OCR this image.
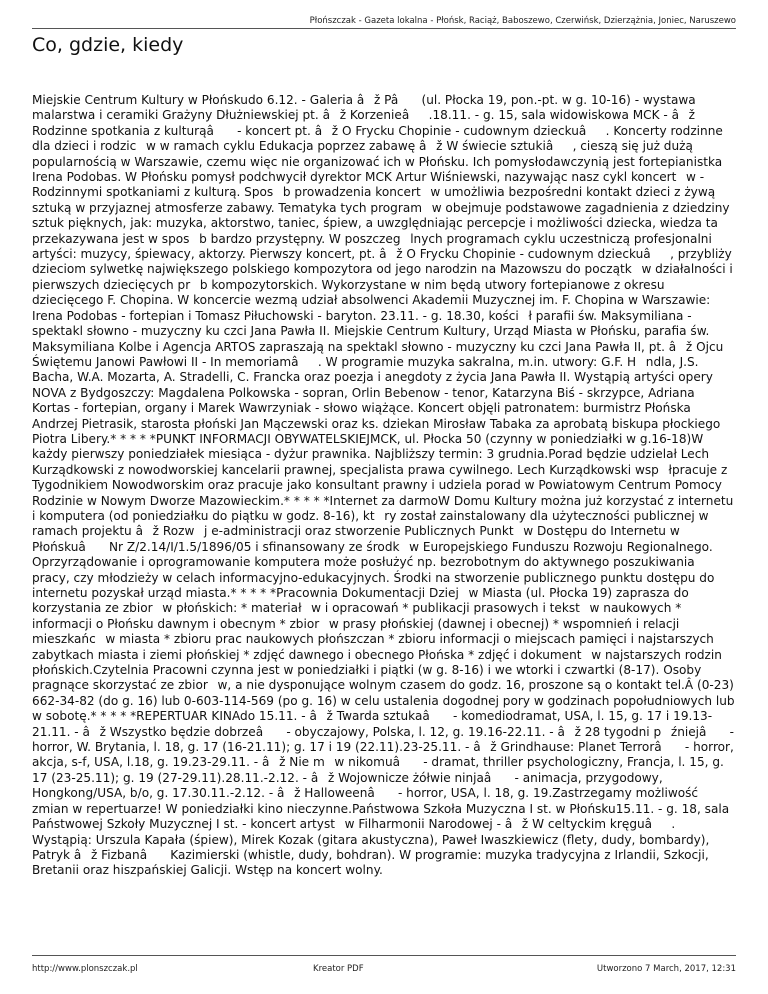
Płońszczak - Gazeta lokalna - Płońsk, Raciąż, Baboszewo, Czerwińsk, Dzierzążnia, Joniec, Naruszewo
Co, gdzie, kiedy
Miejskie Centrum Kultury w Płońskudo 6.12. - Galeria âž Pâ (ul. Płocka 19, pon.-pt. w g. 10-16) - wystawa malarstwa i ceramiki Grażyny Dłużniewskiej pt. âž Korzenieâ.18.11. - g. 15, sala widowiskowa MCK - âž Rodzinne spotkania z kulturąâ - koncert pt. âž O Frycku Chopinie - cudownym dzieckuâ. Koncerty rodzinne dla dzieci i rodzicw w ramach cyklu Edukacja poprzez zabawę âž W świecie sztukiâ, cieszą się już dużą popularnością w Warszawie, czemu więc nie organizować ich w Płońsku. Ich pomysłodawczynią jest fortepianistka Irena Podobas. W Płońsku pomysł podchwycił dyrektor MCK Artur Wiśniewski, nazywając nasz cykl koncertw - Rodzinnymi spotkaniami z kulturą. Sposb prowadzenia koncertw umożliwia bezpośredni kontakt dzieci z żywą sztuką w przyjaznej atmosferze zabawy. Tematyka tych programw obejmuje podstawowe zagadnienia z dziedziny sztuk pięknych, jak: muzyka, aktorstwo, taniec, śpiew, a uwzględniając percepcje i możliwości dziecka, wiedza ta przekazywana jest w sposb bardzo przystępny. W poszczeglnych programach cyklu uczestniczą profesjonalni artyści: muzycy, śpiewacy, aktorzy. Pierwszy koncert, pt. âž O Frycku Chopinie - cudownym dzieckuâ, przybliży dzieciom sylwetkę największego polskiego kompozytora od jego narodzin na Mazowszu do początkw działalności i pierwszych dziecięcych prb kompozytorskich. Wykorzystane w nim będą utwory fortepianowe z okresu dziecięcego F. Chopina. W koncercie wezmą udział absolwenci Akademii Muzycznej im. F. Chopina w Warszawie: Irena Podobas - fortepian i Tomasz Piłuchowski - baryton. 23.11. - g. 18.30, kościł parafii św. Maksymiliana - spektakl słowno - muzyczny ku czci Jana Pawła II. Miejskie Centrum Kultury, Urząd Miasta w Płońsku, parafia św. Maksymiliana Kolbe i Agencja ARTOS zapraszają na spektakl słowno - muzyczny ku czci Jana Pawła II, pt. âž Ojcu Świętemu Janowi Pawłowi II - In memoriamâ. W programie muzyka sakralna, m.in. utwory: G.F. Hndla, J.S. Bacha, W.A. Mozarta, A. Stradelli, C. Francka oraz poezja i anegdoty z życia Jana Pawła II. Wystąpią artyści opery NOVA z Bydgoszczy: Magdalena Polkowska - sopran, Orlin Bebenow - tenor, Katarzyna Biś - skrzypce, Adriana Kortas - fortepian, organy i Marek Wawrzyniak - słowo wiążące. Koncert objęli patronatem: burmistrz Płońska Andrzej Pietrasik, starosta płoński Jan Mączewski oraz ks. dziekan Mirosław Tabaka za aprobatą biskupa płockiego Piotra Libery.* * * * *PUNKT INFORMACJI OBYWATELSKIEJMCK, ul. Płocka 50 (czynny w poniedziałki w g.16-18)W każdy pierwszy poniedziałek miesiąca - dyżur prawnika. Najbliższy termin: 3 grudnia.Porad będzie udzielał Lech Kurządkowski z nowodworskiej kancelarii prawnej, specjalista prawa cywilnego. Lech Kurządkowski wspłpracuje z Tygodnikiem Nowodworskim oraz pracuje jako konsultant prawny i udziela porad w Powiatowym Centrum Pomocy Rodzinie w Nowym Dworze Mazowieckim.* * * * *Internet za darmoW Domu Kultury można już korzystać z internetu i komputera (od poniedziałku do piątku w godz. 8-16), ktry został zainstalowany dla użyteczności publicznej w ramach projektu âž Rozwj e-administracji oraz stworzenie Publicznych Punktw Dostępu do Internetu w Płońskuâ Nr Z/2.14/I/1.5/1896/05 i sfinansowany ze środkw Europejskiego Funduszu Rozwoju Regionalnego. Oprzyrządowanie i oprogramowanie komputera może posłużyć np. bezrobotnym do aktywnego poszukiwania pracy, czy młodzieży w celach informacyjno-edukacyjnych. Środki na stworzenie publicznego punktu dostępu do internetu pozyskał urząd miasta.* * * * *Pracownia Dokumentacji Dziejw Miasta (ul. Płocka 19) zaprasza do korzystania ze zbiorw płońskich: * materiałw i opracowań * publikacji prasowych i tekstw naukowych * informacji o Płońsku dawnym i obecnym * zbiorw prasy płońskiej (dawnej i obecnej) * wspomnień i relacji mieszkańcw miasta * zbioru prac naukowych płońszczan * zbioru informacji o miejscach pamięci i najstarszych zabytkach miasta i ziemi płońskiej * zdjęć dawnego i obecnego Płońska * zdjęć i dokumentw najstarszych rodzin płońskich.Czytelnia Pracowni czynna jest w poniedziałki i piątki (w g. 8-16) i we wtorki i czwartki (8-17). Osoby pragnące skorzystać ze zbiorw, a nie dysponujące wolnym czasem do godz. 16, proszone są o kontakt tel.Â (0-23) 662-34-82 (do g. 16) lub 0-603-114-569 (po g. 16) w celu ustalenia dogodnej pory w godzinach popołudniowych lub w sobotę.* * * * *REPERTUAR KINAdo 15.11. - âž Twarda sztukaâ - komediodramat, USA, l. 15, g. 17 i 19.13-21.11. - âž Wszystko będzie dobrzeâ - obyczajowy, Polska, l. 12, g. 19.16-22.11. - âž 28 tygodni pźniejâ - horror, W. Brytania, l. 18, g. 17 (16-21.11); g. 17 i 19 (22.11).23-25.11. - âž Grindhause: Planet Terrorâ - horror, akcja, s-f, USA, l.18, g. 19.23-29.11. - âž Nie mw nikomuâ - dramat, thriller psychologiczny, Francja, l. 15, g. 17 (23-25.11); g. 19 (27-29.11).28.11.-2.12. - âž Wojownicze żółwie ninjaâ - animacja, przygodowy, Hongkong/USA, b/o, g. 17.30.11.-2.12. - âž Halloweenâ - horror, USA, l. 18, g. 19.Zastrzegamy możliwość zmian w repertuarze! W poniedziałki kino nieczynne.Państwowa Szkoła Muzyczna I st. w Płońsku15.11. - g. 18, sala Państwowej Szkoły Muzycznej I st. - koncert artystw Filharmonii Narodowej - âž W celtyckim kręguâ. Wystąpią: Urszula Kapała (śpiew), Mirek Kozak (gitara akustyczna), Paweł Iwaszkiewicz (flety, dudy, bombardy), Patryk âž Fizbanâ Kazimierski (whistle, dudy, bohdran). W programie: muzyka tradycyjna z Irlandii, Szkocji, Bretanii oraz hiszpańskiej Galicji. Wstęp na koncert wolny.
http://www.plonszczak.pl	Kreator PDF	Utworzono 7 March, 2017, 12:31
